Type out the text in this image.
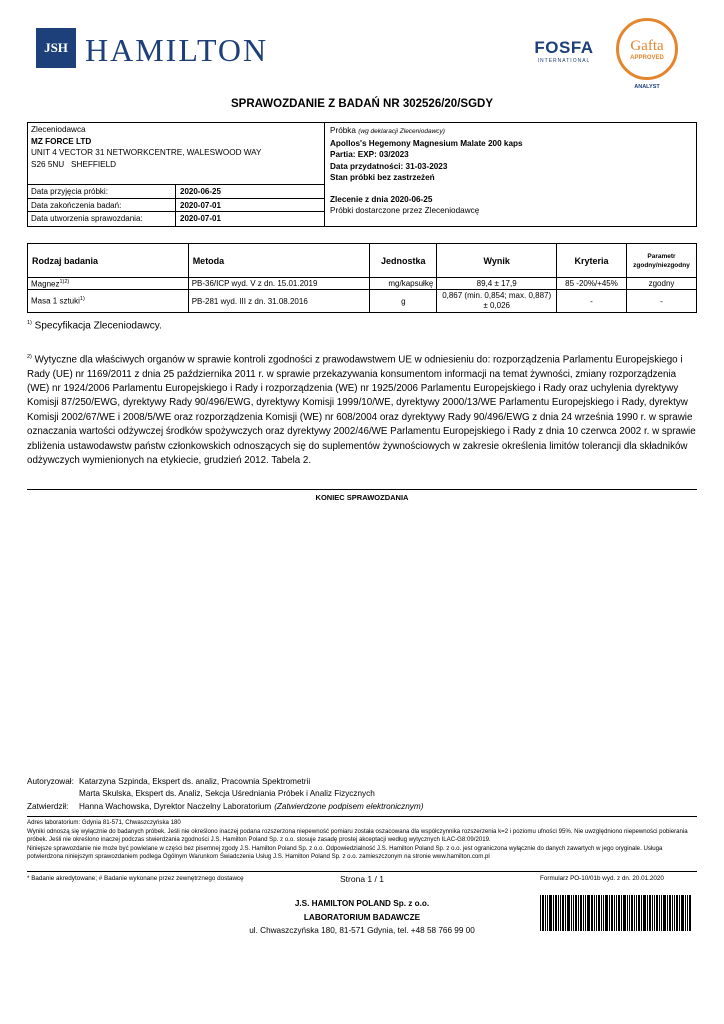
JSH HAMILTON	FOSFA
INTERNATIONAL
Gafta
APPROVED
ANALYST
SPRAWOZDANIE Z BADAŃ NR 302526/20/SGDY
Zleceniodawca
MZ FORCE LTD
UNIT 4 VECTOR 31 NETWORKCENTRE, WALESWOOD WAY
S26 5NU   SHEFFIELD
Data przyjęcia próbki:	2020-06-25
Data zakończenia badań:	2020-07-01
Data utworzenia sprawozdania:	2020-07-01
Próbka (wg deklaracji Zleceniodawcy)
Apollos's Hegemony Magnesium Malate 200 kaps
Partia: EXP: 03/2023
Data przydatności: 31-03-2023
Stan próbki bez zastrzeżeń
Zlecenie z dnia 2020-06-25
Próbki dostarczone przez Zleceniodawcę
Rodzaj badania	Metoda	Jednostka	Wynik	Kryteria	Parametr zgodny/niezgodny
Magnez$^{1)2)}$	PB-36/ICP wyd. V z dn. 15.01.2019	mg/kapsułkę	89,4 ± 17,9	85 -20%/+45%	zgodny
Masa 1 sztuki$^{1)}$	PB-281 wyd. III z dn. 31.08.2016	g	0,867 (min. 0,854; max. 0,887) ± 0,026	-	-
$^{1)}$ Specyfikacja Zleceniodawcy.
$^{2)}$ Wytyczne dla właściwych organów w sprawie kontroli zgodności z prawodawstwem UE w odniesieniu do: rozporządzenia Parlamentu Europejskiego i Rady (UE) nr 1169/2011 z dnia 25 października 2011 r. w sprawie przekazywania konsumentom informacji na temat żywności, zmiany rozporządzenia (WE) nr 1924/2006 Parlamentu Europejskiego i Rady i rozporządzenia (WE) nr 1925/2006 Parlamentu Europejskiego i Rady oraz uchylenia dyrektywy Komisji 87/250/EWG, dyrektywy Rady 90/496/EWG, dyrektywy Komisji 1999/10/WE, dyrektywy 2000/13/WE Parlamentu Europejskiego i Rady, dyrektyw Komisji 2002/67/WE i 2008/5/WE oraz rozporządzenia Komisji (WE) nr 608/2004 oraz dyrektywy Rady 90/496/EWG z dnia 24 września 1990 r. w sprawie oznaczania wartości odżywczej środków spożywczych oraz dyrektywy 2002/46/WE Parlamentu Europejskiego i Rady z dnia 10 czerwca 2002 r. w sprawie zbliżenia ustawodawstw państw członkowskich odnoszących się do suplementów żywnościowych w zakresie określenia limitów tolerancji dla składników odżywczych wymienionych na etykiecie, grudzień 2012. Tabela 2.
KONIEC SPRAWOZDANIA
Autoryzował: Katarzyna Szpinda, Ekspert ds. analiz, Pracownia Spektrometrii
Marta Skulska, Ekspert ds. Analiz, Sekcja Uśredniania Próbek i Analiz Fizycznych
Zatwierdził:	Hanna Wachowska, Dyrektor Naczelny Laboratorium (Zatwierdzone podpisem elektronicznym)
Adres laboratorium: Gdynia 81-571, Chwaszczyńska 180
Wyniki odnoszą się wyłącznie do badanych próbek. Jeśli nie określono inaczej podana rozszerzona niepewność pomiaru została oszacowana dla współczynnika rozszerzenia k=2 i poziomu ufności 95%. Nie uwzględniono niepewności pobierania próbek. Jeśli nie określono inaczej podczas stwierdzania zgodności J.S. Hamilton Poland Sp. z o.o. stosuje zasadę prostej akceptacji według wytycznych ILAC-G8:09/2019.
Niniejsze sprawozdanie nie może być powielane w części bez pisemnej zgody J.S. Hamilton Poland Sp. z o.o. Odpowiedzialność J.S. Hamilton Poland Sp. z o.o. jest ograniczona wyłącznie do danych zawartych w jego oryginale. Usługa potwierdzona niniejszym sprawozdaniem podlega Ogólnym Warunkom Świadczenia Usług J.S. Hamilton Poland Sp. z o.o. zamieszczonym na stronie www.hamilton.com.pl
* Badanie akredytowane; # Badanie wykonane przez zewnętrznego dostawcę	Strona 1 / 1	Formularz PO-10/01b wyd. z dn. 20.01.2020
J.S. HAMILTON POLAND Sp. z o.o.
LABORATORIUM BADAWCZE
ul. Chwaszczyńska 180, 81-571 Gdynia, tel. +48 58 766 99 00
